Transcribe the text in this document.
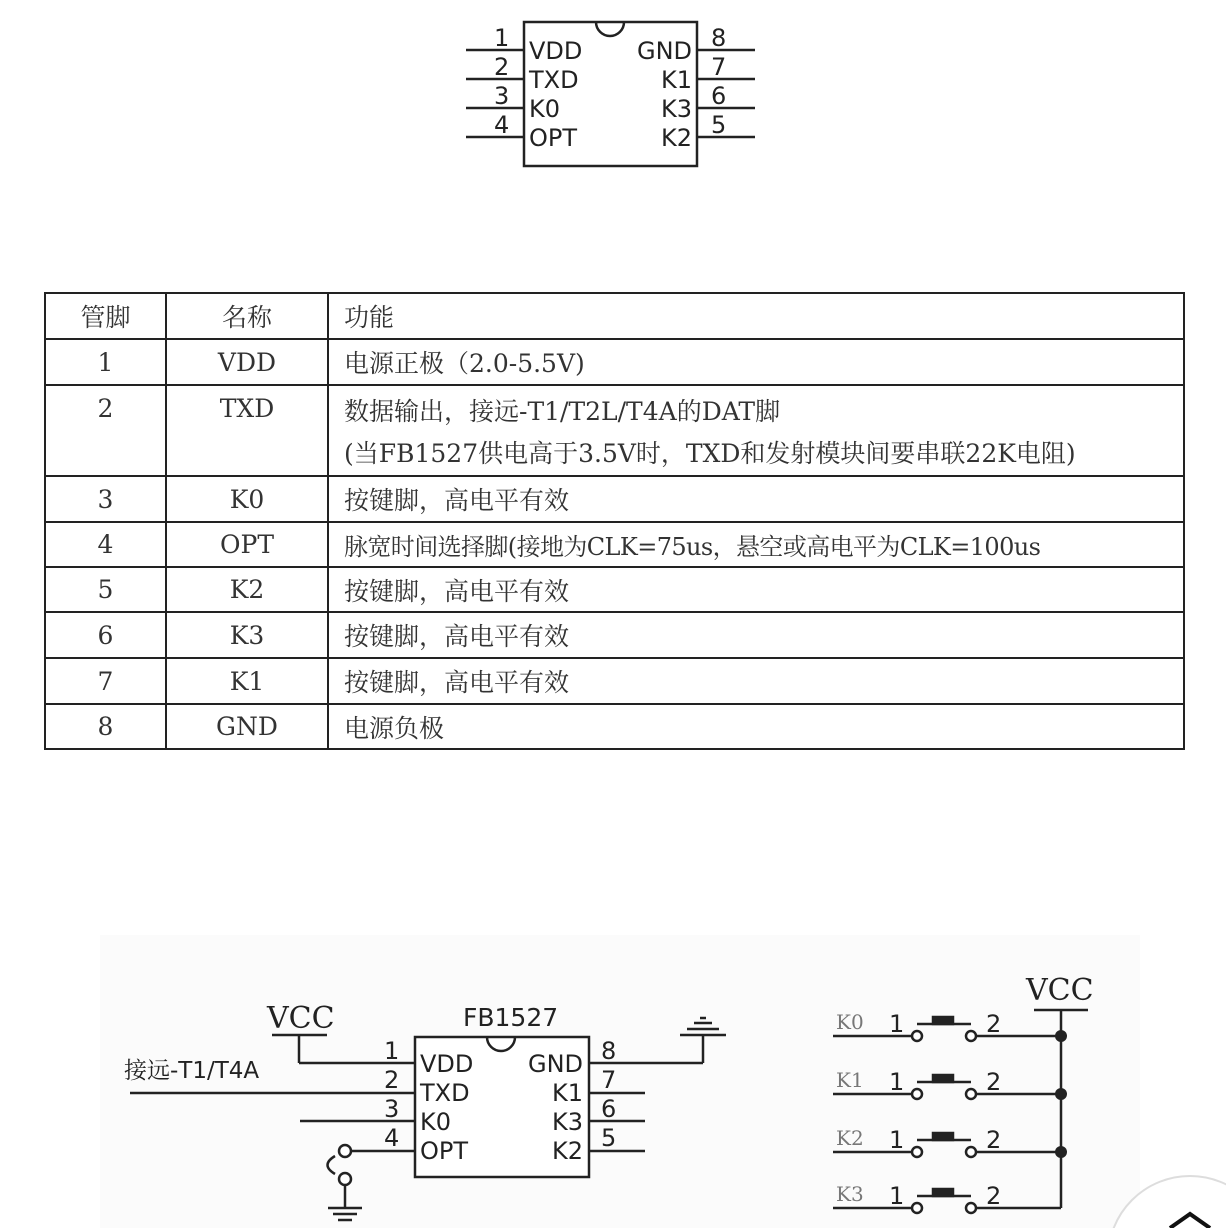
1
2
3
4
8
7
6
5
VDD
TXD
K0
OPT
GND
K1
K3
K2
管脚	名称	功能
1	VDD	电源正极（2.0-5.5V)
2	TXD	数据输出，接远-T1/T2L/T4A的DAT脚
(当FB1527供电高于3.5V时，TXD和发射模块间要串联22K电阻)

3	K0	按键脚，高电平有效
4	OPT	脉宽时间选择脚(接地为CLK=75us，悬空或高电平为CLK=100us
5	K2	按键脚，高电平有效
6	K3	按键脚，高电平有效
7	K1	按键脚，高电平有效
8	GND	电源负极
FB1527
VCC
VCC
接远-T1/T4A
1
2
3
4
8
7
6
5
VDD
TXD
K0
OPT
GND
K1
K3
K2
K0
K1
K2
K3
1	2
1	2
1	2
1	2
